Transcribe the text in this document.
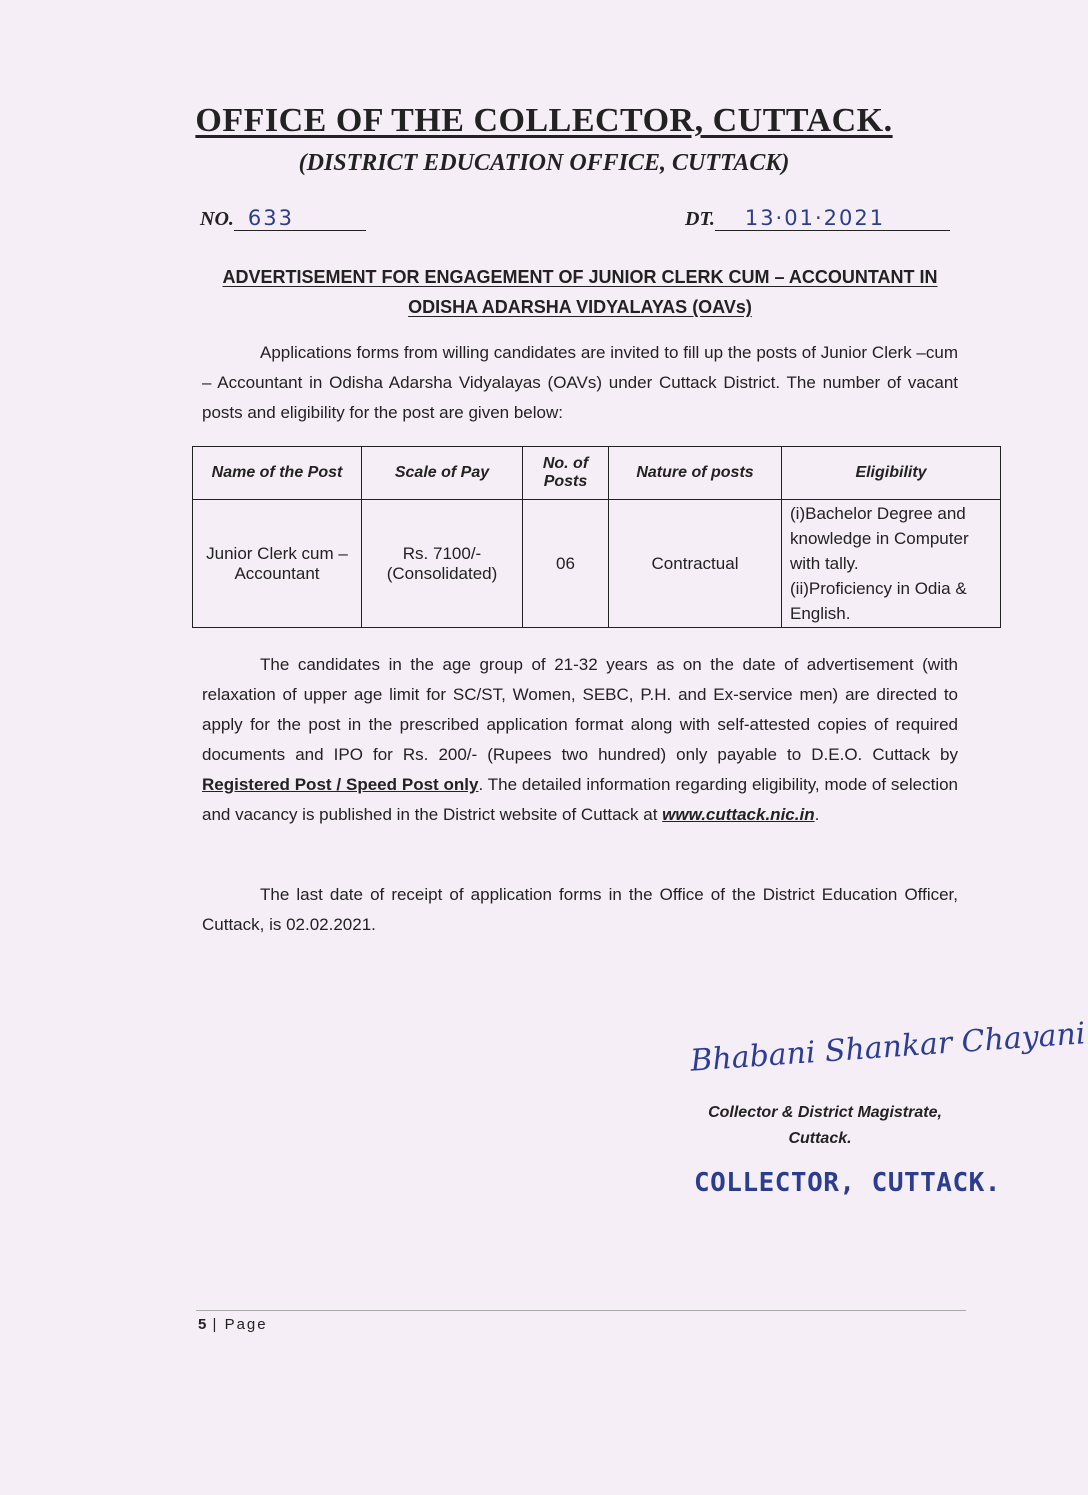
OFFICE OF THE COLLECTOR, CUTTACK.
(DISTRICT EDUCATION OFFICE, CUTTACK)
NO. 633	DT. 13·01·2021
ADVERTISEMENT FOR ENGAGEMENT OF JUNIOR CLERK CUM – ACCOUNTANT IN
ODISHA ADARSHA VIDYALAYAS (OAVs)
Applications forms from willing candidates are invited to fill up the posts of Junior Clerk –cum – Accountant in Odisha Adarsha Vidyalayas (OAVs) under Cuttack District. The number of vacant posts and eligibility for the post are given below:
Name of the Post	Scale of Pay	No. of Posts	Nature of posts	Eligibility
Junior Clerk cum – Accountant	Rs. 7100/- (Consolidated)	06	Contractual	(i)Bachelor Degree and knowledge in Computer with tally.
(ii)Proficiency in Odia & English.
The candidates in the age group of 21-32 years as on the date of advertisement (with relaxation of upper age limit for SC/ST, Women, SEBC, P.H. and Ex-service men) are directed to apply for the post in the prescribed application format along with self-attested copies of required documents and IPO for Rs. 200/- (Rupees two hundred) only payable to D.E.O. Cuttack by Registered Post / Speed Post only. The detailed information regarding eligibility, mode of selection and vacancy is published in the District website of Cuttack at www.cuttack.nic.in.
The last date of receipt of application forms in the Office of the District Education Officer, Cuttack, is 02.02.2021.
Bhabani Shankar Chayani
Collector & District Magistrate,
Cuttack.
COLLECTOR, CUTTACK.
5 | Page
